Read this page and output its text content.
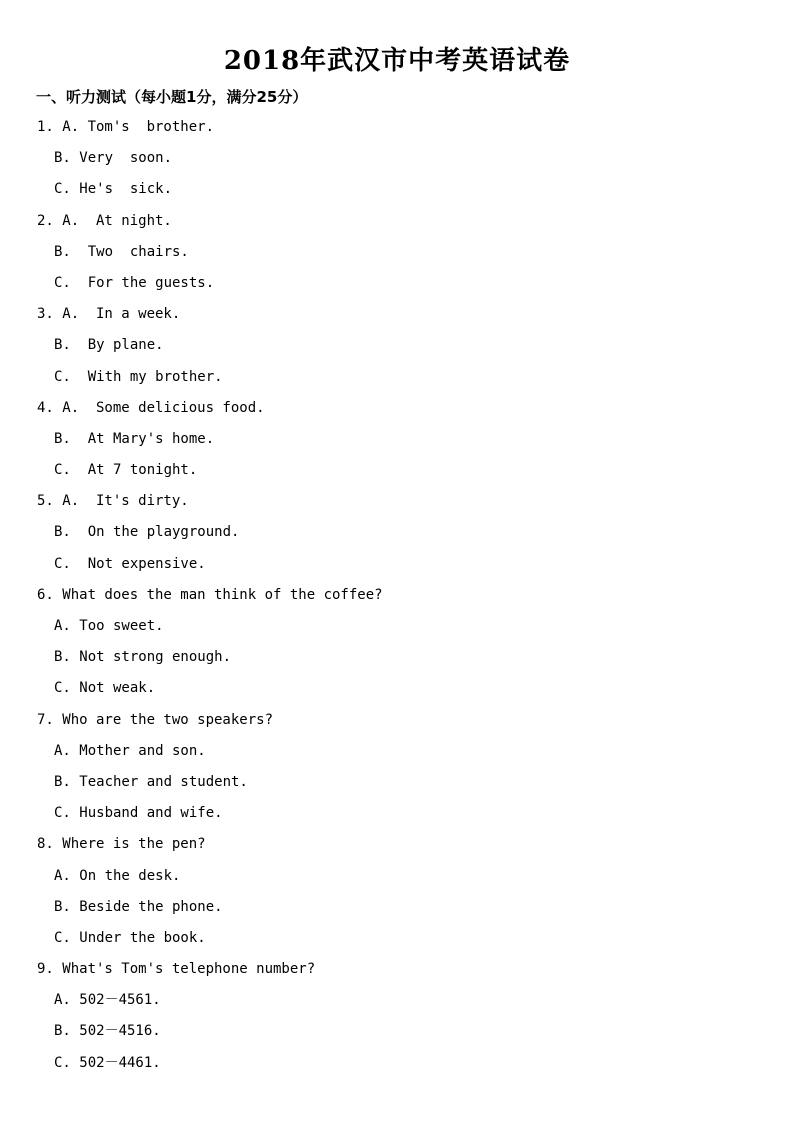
2018年武汉市中考英语试卷
一、听力测试（每小题1分，满分25分）
1. A. Tom's  brother.
B. Very  soon.
C. He's  sick.
2. A.  At night.
B.  Two  chairs.
C.  For the guests.
3. A.  In a week.
B.  By plane.
C.  With my brother.
4. A.  Some delicious food.
B.  At Mary's home.
C.  At 7 tonight.
5. A.  It's dirty.
B.  On the playground.
C.  Not expensive.
6. What does the man think of the coffee?
A. Too sweet.
B. Not strong enough.
C. Not weak.
7. Who are the two speakers?
A. Mother and son.
B. Teacher and student.
C. Husband and wife.
8. Where is the pen?
A. On the desk.
B. Beside the phone.
C. Under the book.
9. What's Tom's telephone number?
A. 502－4561.
B. 502－4516.
C. 502－4461.
